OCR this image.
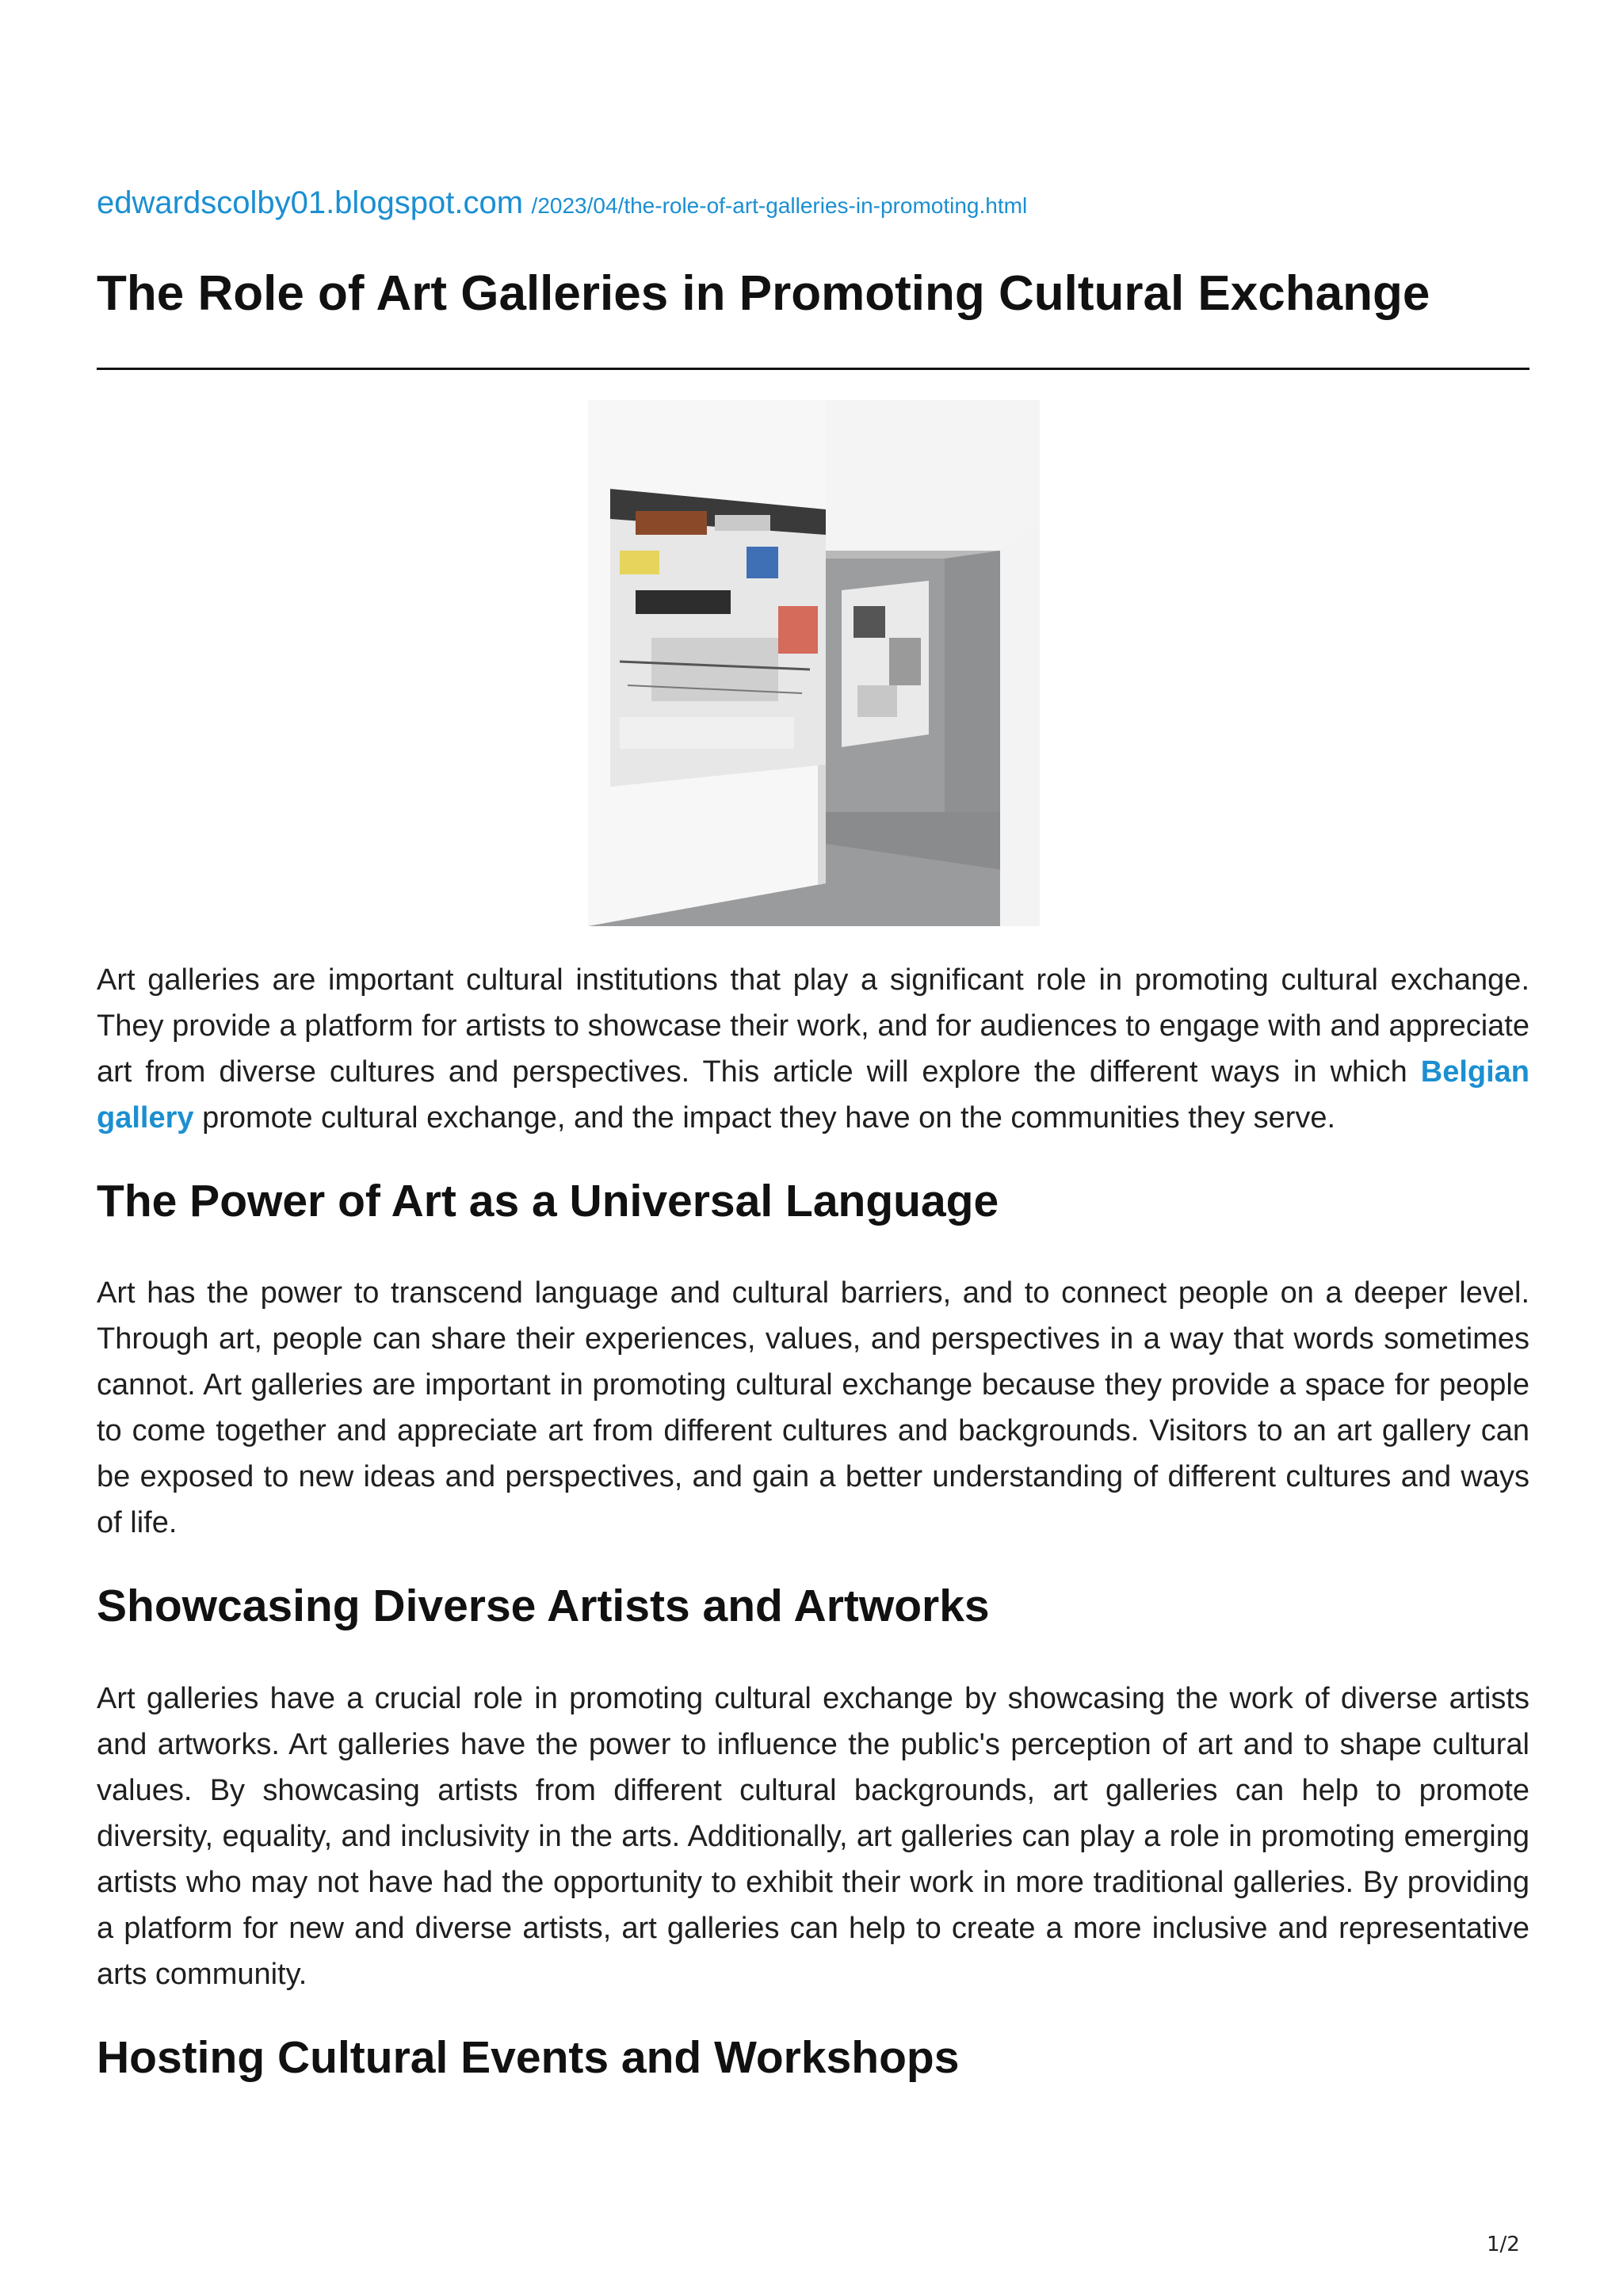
edwardscolby01.blogspot.com /2023/04/the-role-of-art-galleries-in-promoting.html
The Role of Art Galleries in Promoting Cultural Exchange

Art galleries are important cultural institutions that play a significant role in promoting cultural exchange. They provide a platform for artists to showcase their work, and for audiences to engage with and appreciate art from diverse cultures and perspectives. This article will explore the different ways in which Belgian gallery promote cultural exchange, and the impact they have on the communities they serve.

The Power of Art as a Universal Language

Art has the power to transcend language and cultural barriers, and to connect people on a deeper level. Through art, people can share their experiences, values, and perspectives in a way that words sometimes cannot. Art galleries are important in promoting cultural exchange because they provide a space for people to come together and appreciate art from different cultures and backgrounds. Visitors to an art gallery can be exposed to new ideas and perspectives, and gain a better understanding of different cultures and ways of life.

Showcasing Diverse Artists and Artworks

Art galleries have a crucial role in promoting cultural exchange by showcasing the work of diverse artists and artworks. Art galleries have the power to influence the public's perception of art and to shape cultural values. By showcasing artists from different cultural backgrounds, art galleries can help to promote diversity, equality, and inclusivity in the arts. Additionally, art galleries can play a role in promoting emerging artists who may not have had the opportunity to exhibit their work in more traditional galleries. By providing a platform for new and diverse artists, art galleries can help to create a more inclusive and representative arts community.

Hosting Cultural Events and Workshops
1/2
